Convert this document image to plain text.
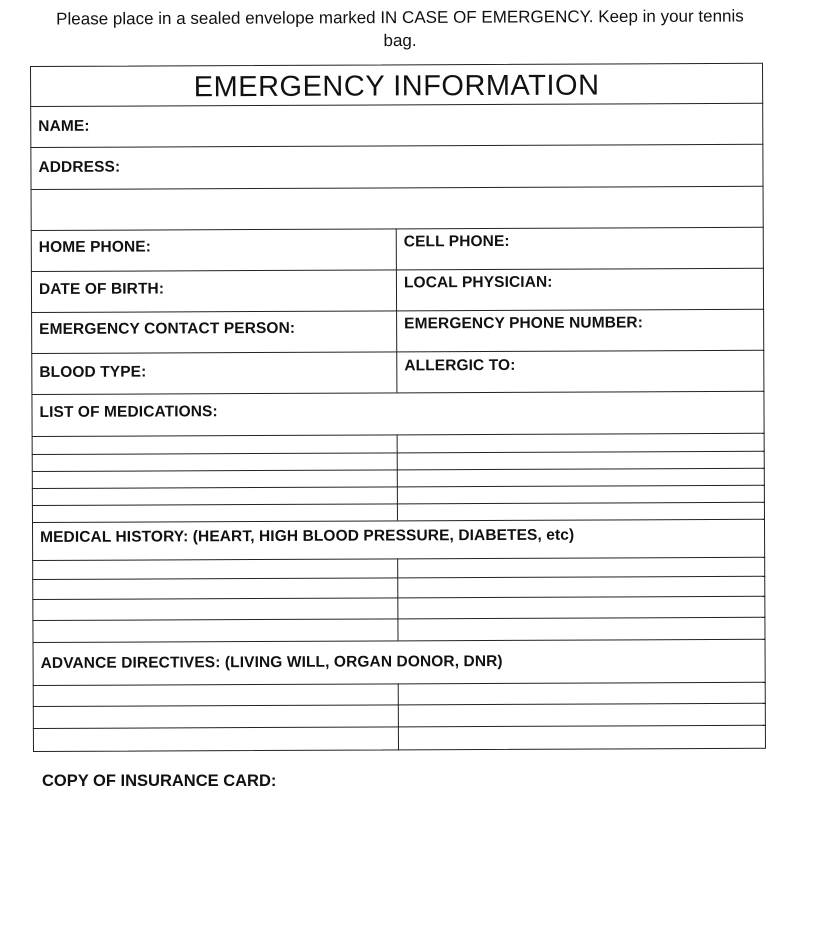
Please place in a sealed envelope marked IN CASE OF EMERGENCY. Keep in your tennis bag.
EMERGENCY INFORMATION
NAME:
ADDRESS:
HOME PHONE:	CELL PHONE:
DATE OF BIRTH:	LOCAL PHYSICIAN:
EMERGENCY CONTACT PERSON:	EMERGENCY PHONE NUMBER:
BLOOD TYPE:	ALLERGIC TO:
LIST OF MEDICATIONS:
MEDICAL HISTORY: (HEART, HIGH BLOOD PRESSURE, DIABETES, etc)
ADVANCE DIRECTIVES: (LIVING WILL, ORGAN DONOR, DNR)
COPY OF INSURANCE CARD:
